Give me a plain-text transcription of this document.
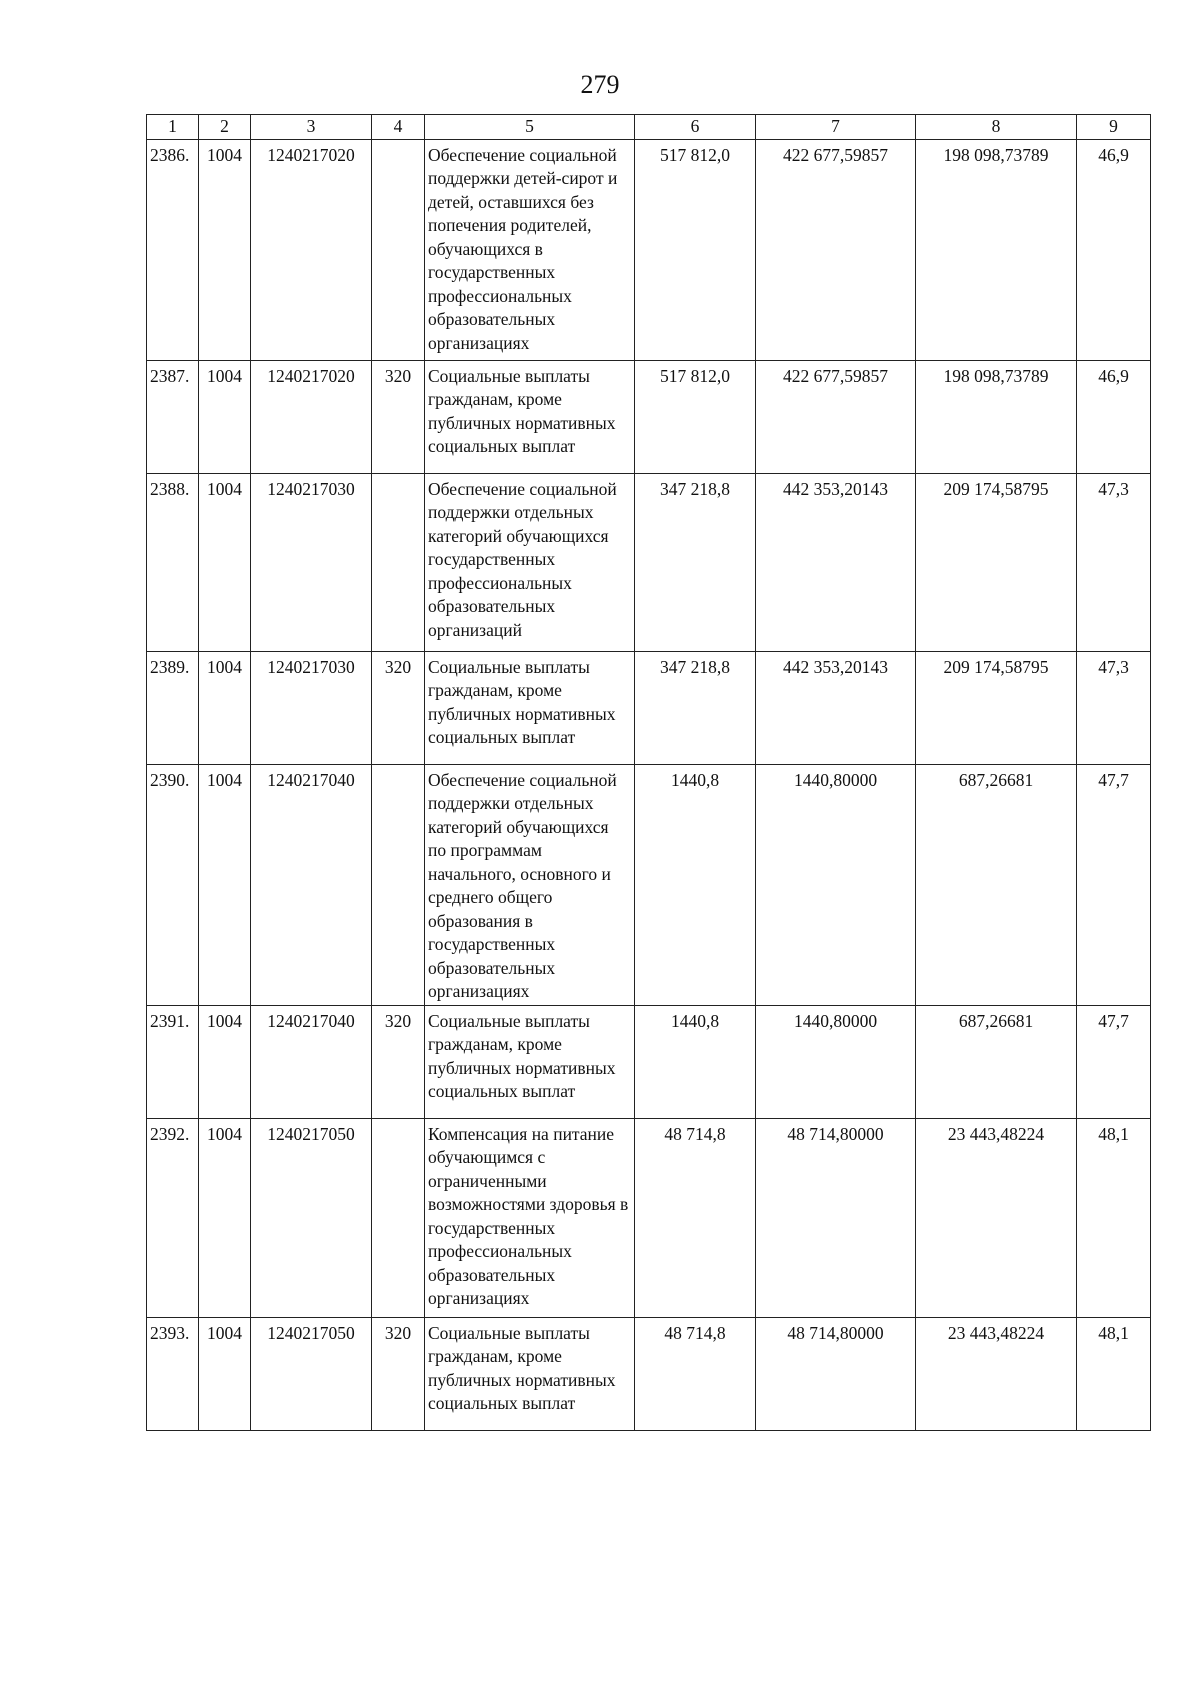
279
1	2	3	4	5	6	7	8	9
2386.	1004	1240217020		Обеспечение социальной поддержки детей-сирот и детей, оставшихся без попечения родителей, обучающихся в государственных профессиональных образовательных организациях	517 812,0	422 677,59857	198 098,73789	46,9
2387.	1004	1240217020	320	Социальные выплаты гражданам, кроме публичных нормативных социальных выплат	517 812,0	422 677,59857	198 098,73789	46,9
2388.	1004	1240217030		Обеспечение социальной поддержки отдельных категорий обучающихся государственных профессиональных образовательных организаций	347 218,8	442 353,20143	209 174,58795	47,3
2389.	1004	1240217030	320	Социальные выплаты гражданам, кроме публичных нормативных социальных выплат	347 218,8	442 353,20143	209 174,58795	47,3
2390.	1004	1240217040		Обеспечение социальной поддержки отдельных категорий обучающихся по программам начального, основного и среднего общего образования в государственных образовательных организациях	1440,8	1440,80000	687,26681	47,7
2391.	1004	1240217040	320	Социальные выплаты гражданам, кроме публичных нормативных социальных выплат	1440,8	1440,80000	687,26681	47,7
2392.	1004	1240217050		Компенсация на питание обучающимся с ограниченными возможностями здоровья в государственных профессиональных образовательных организациях	48 714,8	48 714,80000	23 443,48224	48,1
2393.	1004	1240217050	320	Социальные выплаты гражданам, кроме публичных нормативных социальных выплат	48 714,8	48 714,80000	23 443,48224	48,1
